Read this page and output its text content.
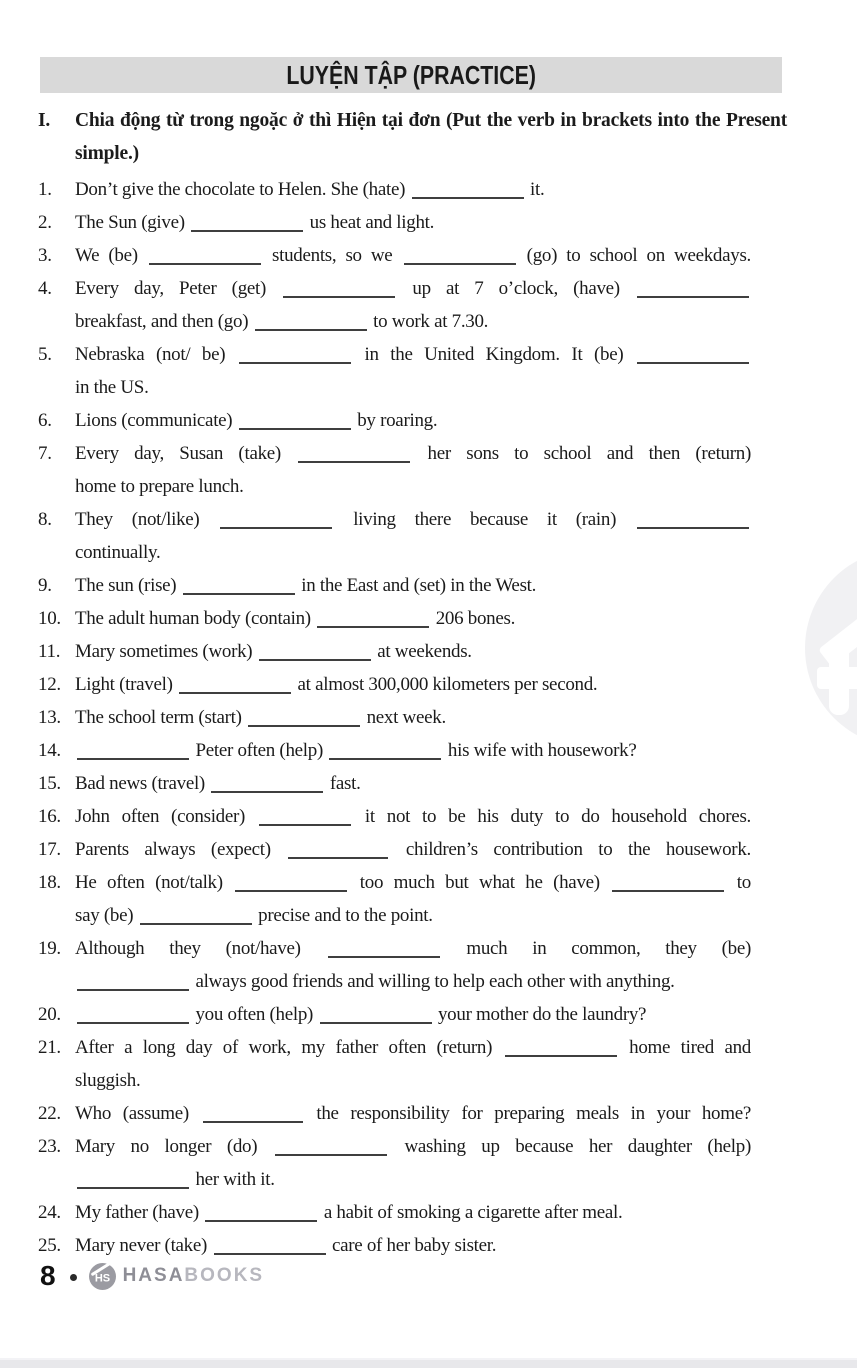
LUYỆN TẬP (PRACTICE)
I.	Chia động từ trong ngoặc ở thì Hiện tại đơn (Put the verb in brackets into the Present simple.)
1.	Don’t give the chocolate to Helen. She (hate)	it.
2.	The Sun (give)	us heat and light.
3.	We (be)	students, so we	(go) to school on weekdays.
4.	Every day, Peter (get)	up at 7 o’clock, (have)
breakfast, and then (go)	to work at 7.30.
5.	Nebraska (not/ be)	in the United Kingdom. It (be)
in the US.
6.	Lions (communicate)	by roaring.
7.	Every day, Susan (take)	her sons to school and then (return)
home to prepare lunch.
8.	They (not/like)	living there because it (rain)
continually.
9.	The sun (rise)	in the East and (set) in the West.
10. The adult human body (contain)	206 bones.
11. Mary sometimes (work)	at weekends.
12. Light (travel)	at almost 300,000 kilometers per second.
13. The school term (start)	next week.
14.	Peter often (help)	his wife with housework?
15. Bad news (travel)	fast.
16. John often (consider)	it not to be his duty to do household chores.
17. Parents always (expect)	children’s contribution to the housework.
18. He often (not/talk)	too much but what he (have)	to
say (be)	precise and to the point.
19. Although they (not/have)	much in common, they (be)
always good friends and willing to help each other with anything.
20.	you often (help)	your mother do the laundry?
21. After a long day of work, my father often (return)	home tired and
sluggish.
22. Who (assume)	the responsibility for preparing meals in your home?
23. Mary no longer (do)	washing up because her daughter (help)
her with it.
24. My father (have)	a habit of smoking a cigarette after meal.
25. Mary never (take)	care of her baby sister.
8	HS HASABOOKS
